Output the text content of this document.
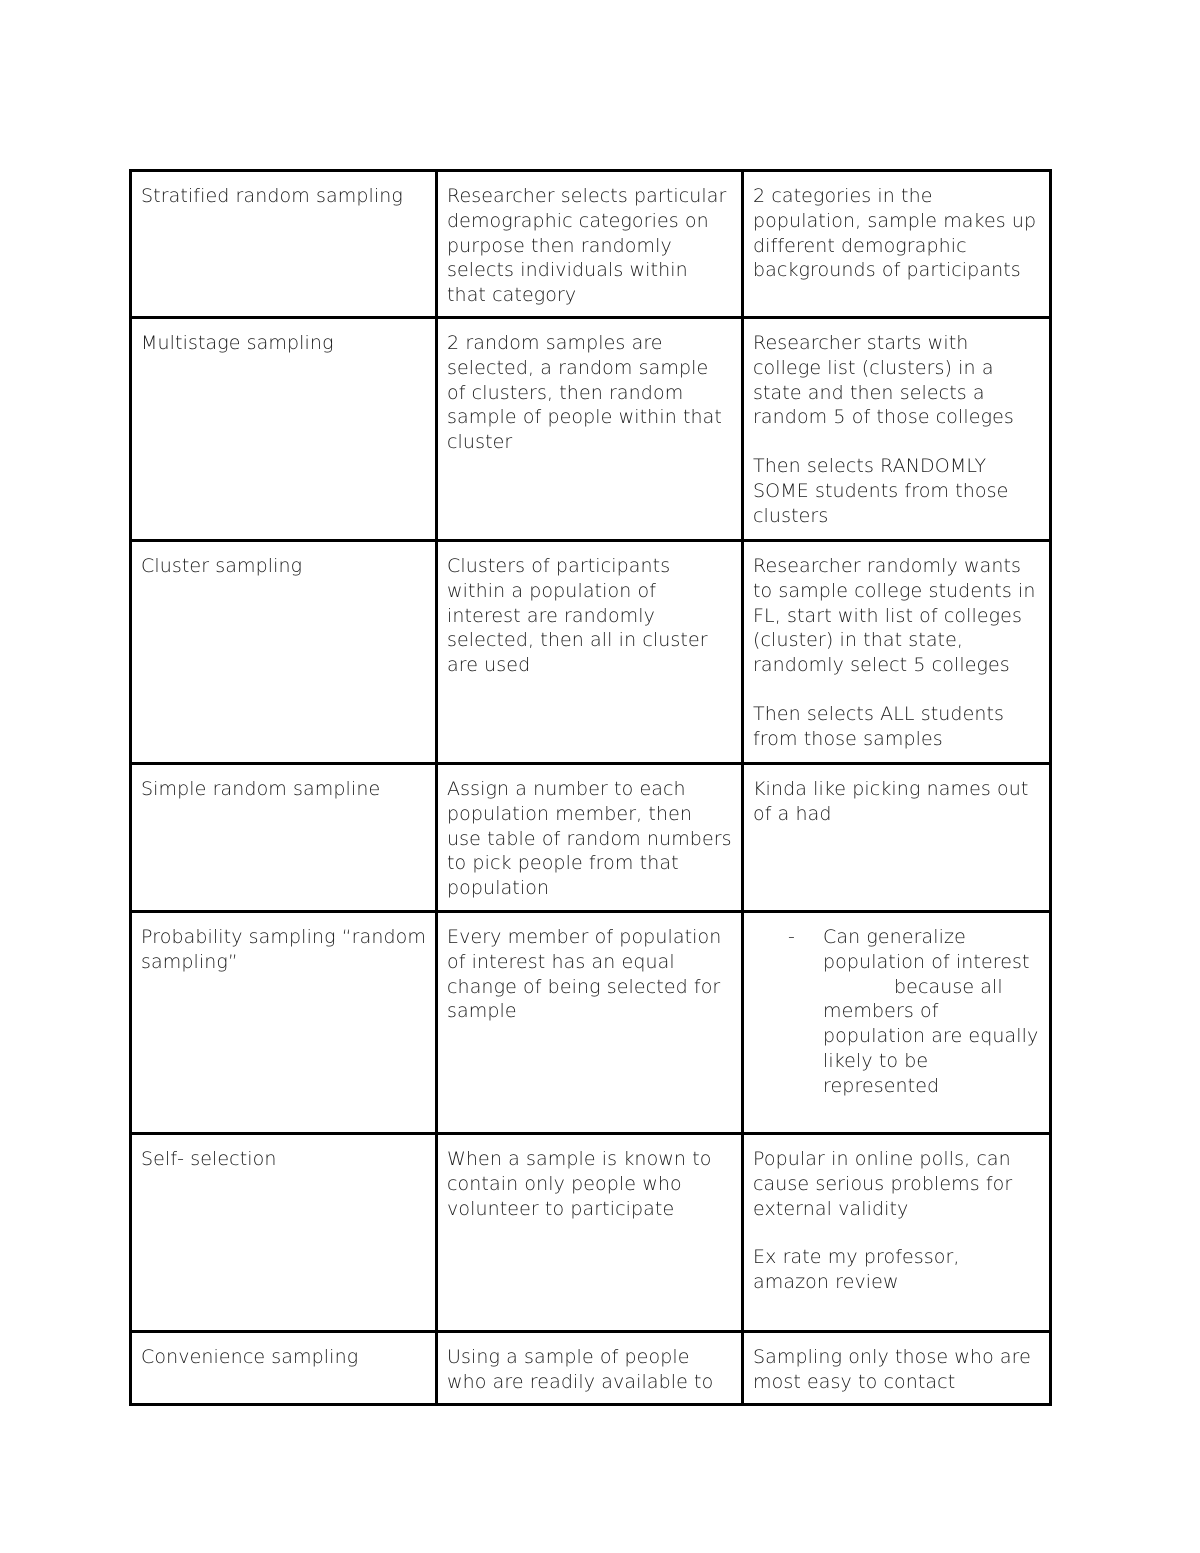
Stratified random sampling	Researcher selects particular demographic categories on purpose then randomly selects individuals within that category	2 categories in the population, sample makes up different demographic backgrounds of participants

Multistage sampling	2 random samples are selected, a random sample of clusters, then random sample of people within that cluster	Researcher starts with college list (clusters) in a state and then selects a random 5 of those colleges

Then selects RANDOMLY SOME students from those clusters

Cluster sampling	Clusters of participants within a population of interest are randomly selected, then all in cluster are used	Researcher randomly wants to sample college students in FL, start with list of colleges (cluster) in that state, randomly select 5 colleges

Then selects ALL students from those samples

Simple random sampline	Assign a number to each population member, then use table of random numbers to pick people from that population	Kinda like picking names out of a had

Probability sampling “random sampling”	Every member of population of interest has an equal change of being selected for sample	- Can generalize population of interest
because all
members of population are equally likely to be represented

Self- selection	When a sample is known to contain only people who volunteer to participate	Popular in online polls, can cause serious problems for external validity

Ex rate my professor, amazon review

Convenience sampling	Using a sample of people who are readily available to	Sampling only those who are most easy to contact
